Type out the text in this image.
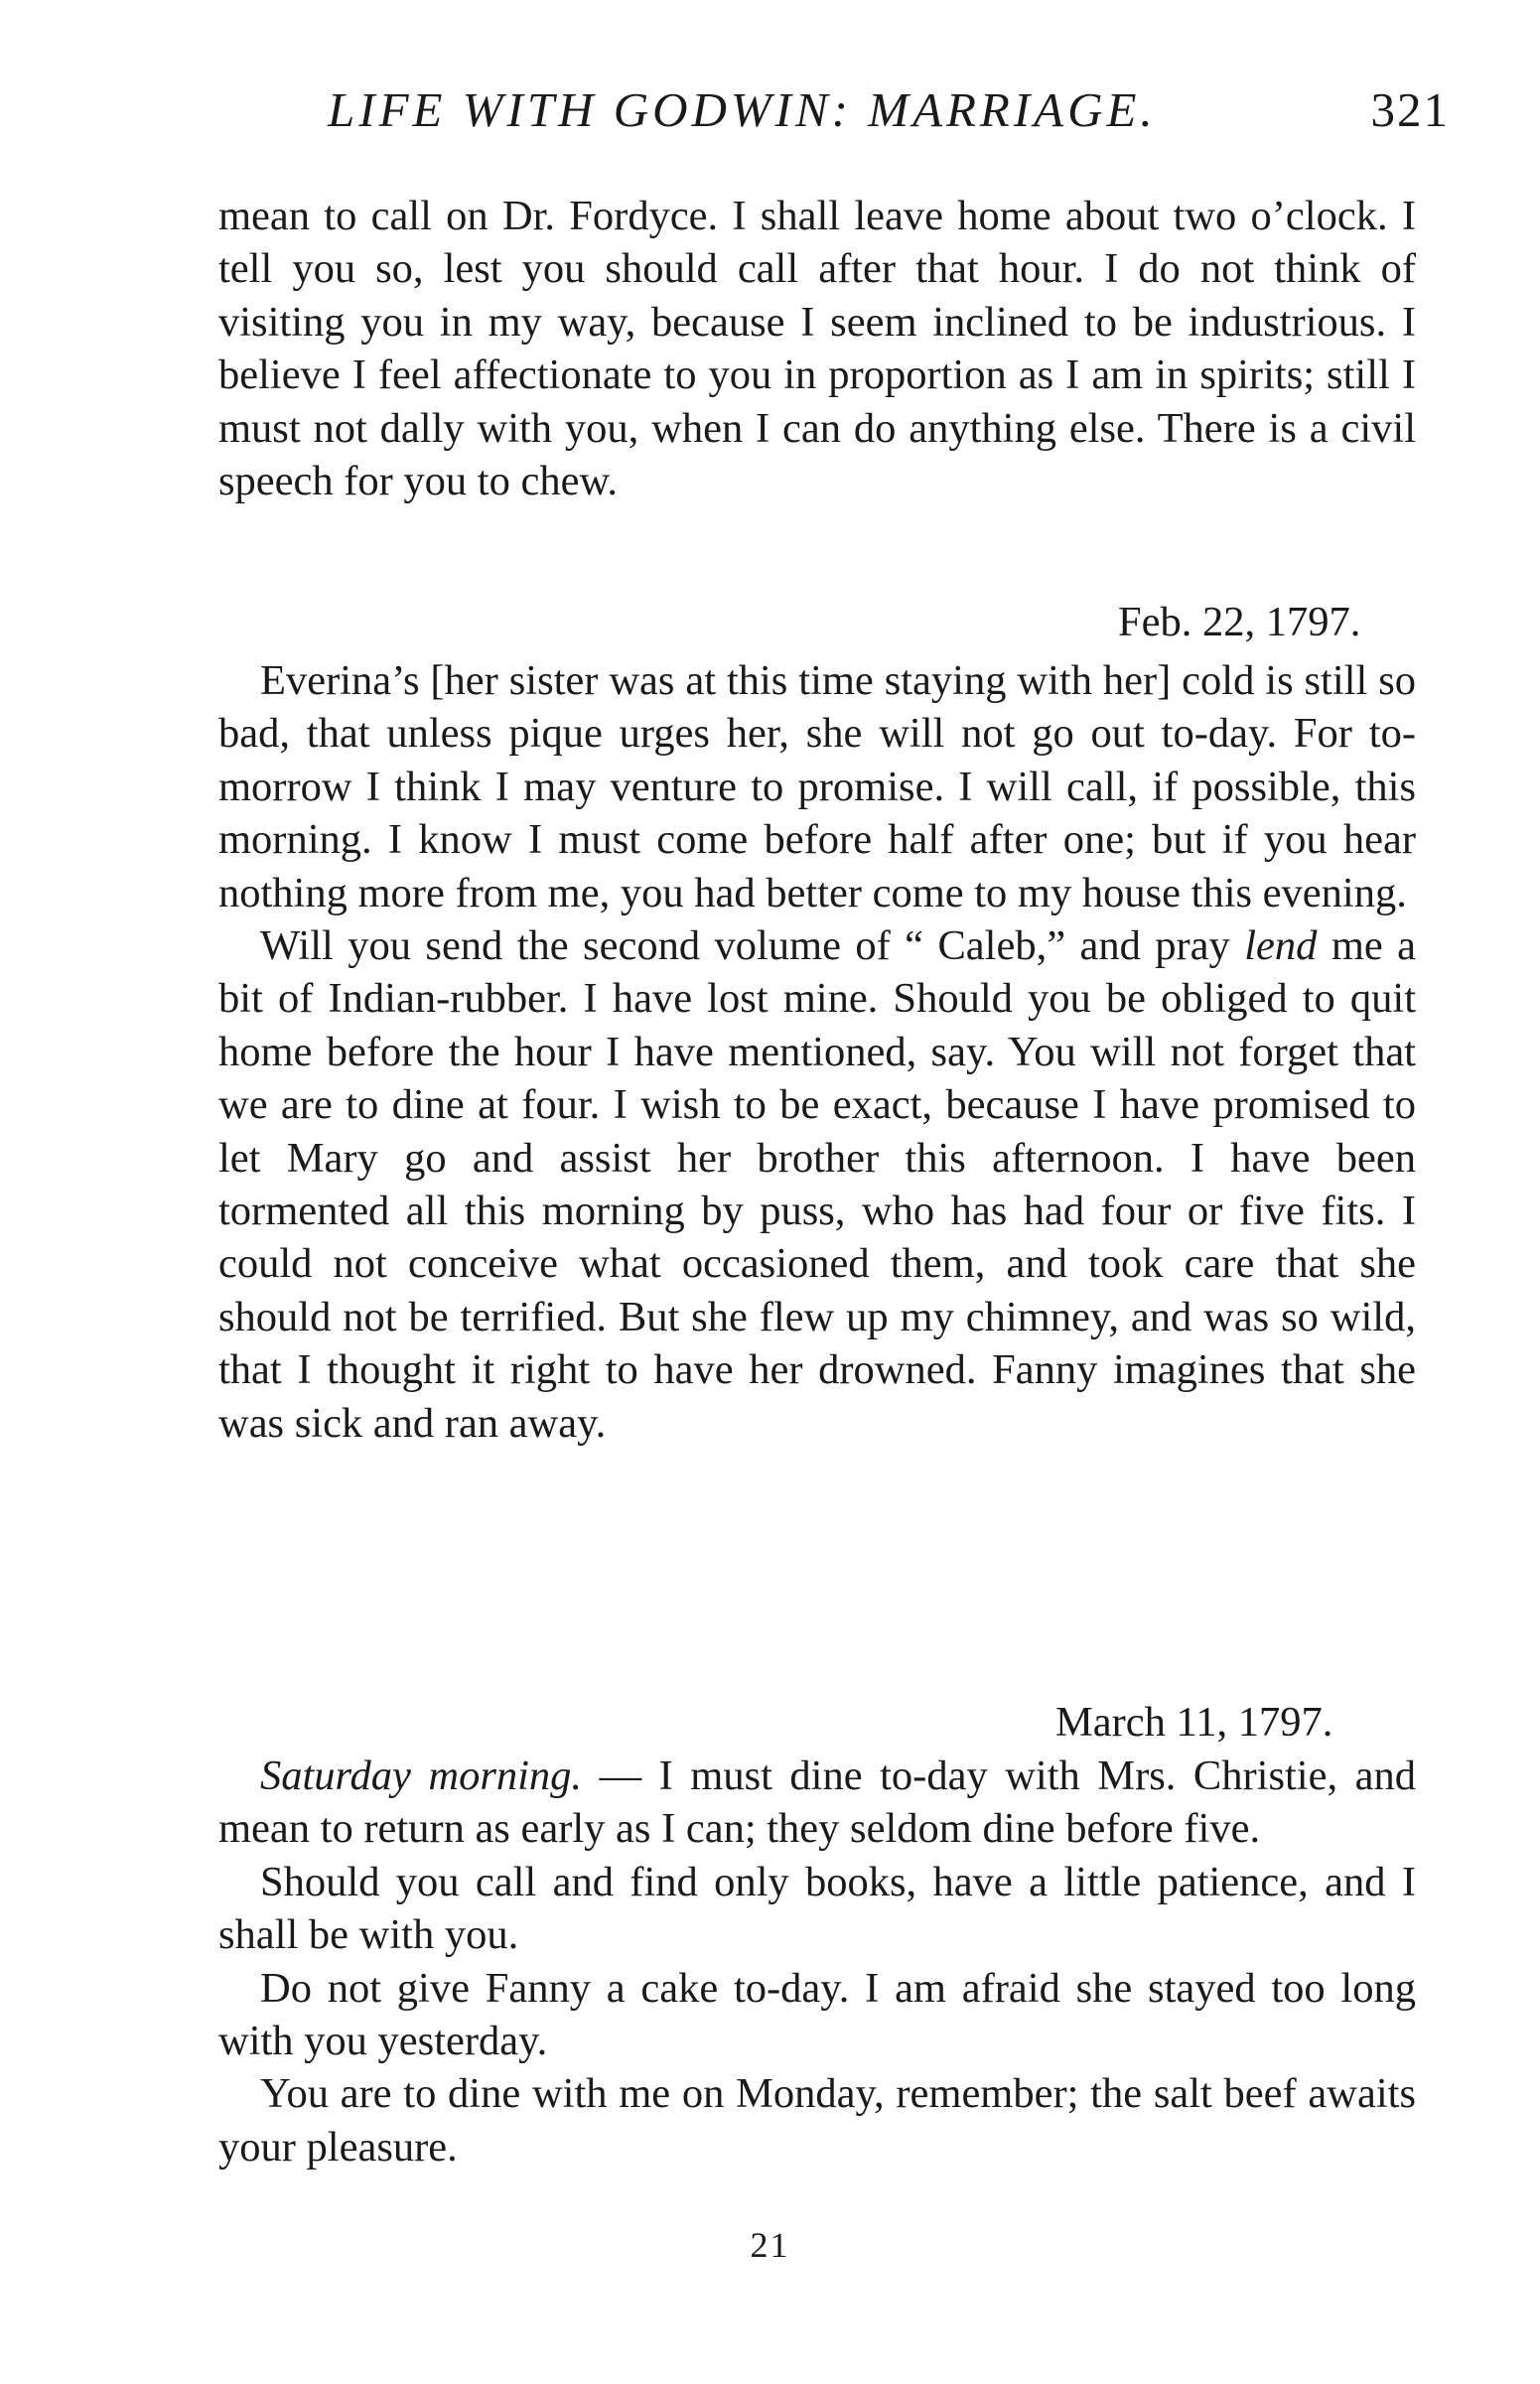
LIFE WITH GODWIN: MARRIAGE.	321

mean to call on Dr. Fordyce. I shall leave home about two o’clock. I tell you so, lest you should call after that hour. I do not think of visiting you in my way, because I seem inclined to be industrious. I believe I feel affectionate to you in proportion as I am in spirits; still I must not dally with you, when I can do anything else. There is a civil speech for you to chew.

Feb. 22, 1797.

Everina’s [her sister was at this time staying with her] cold is still so bad, that unless pique urges her, she will not go out to-day. For to-morrow I think I may venture to promise. I will call, if possible, this morning. I know I must come before half after one; but if you hear nothing more from me, you had better come to my house this evening.

Will you send the second volume of “ Caleb,” and pray lend me a bit of Indian-rubber. I have lost mine. Should you be obliged to quit home before the hour I have mentioned, say. You will not forget that we are to dine at four. I wish to be exact, because I have promised to let Mary go and assist her brother this afternoon. I have been tormented all this morning by puss, who has had four or five fits. I could not conceive what occasioned them, and took care that she should not be terrified. But she flew up my chimney, and was so wild, that I thought it right to have her drowned. Fanny imagines that she was sick and ran away.

March 11, 1797.

Saturday morning. — I must dine to-day with Mrs. Christie, and mean to return as early as I can; they seldom dine before five.

Should you call and find only books, have a little patience, and I shall be with you.

Do not give Fanny a cake to-day. I am afraid she stayed too long with you yesterday.

You are to dine with me on Monday, remember; the salt beef awaits your pleasure.

21
